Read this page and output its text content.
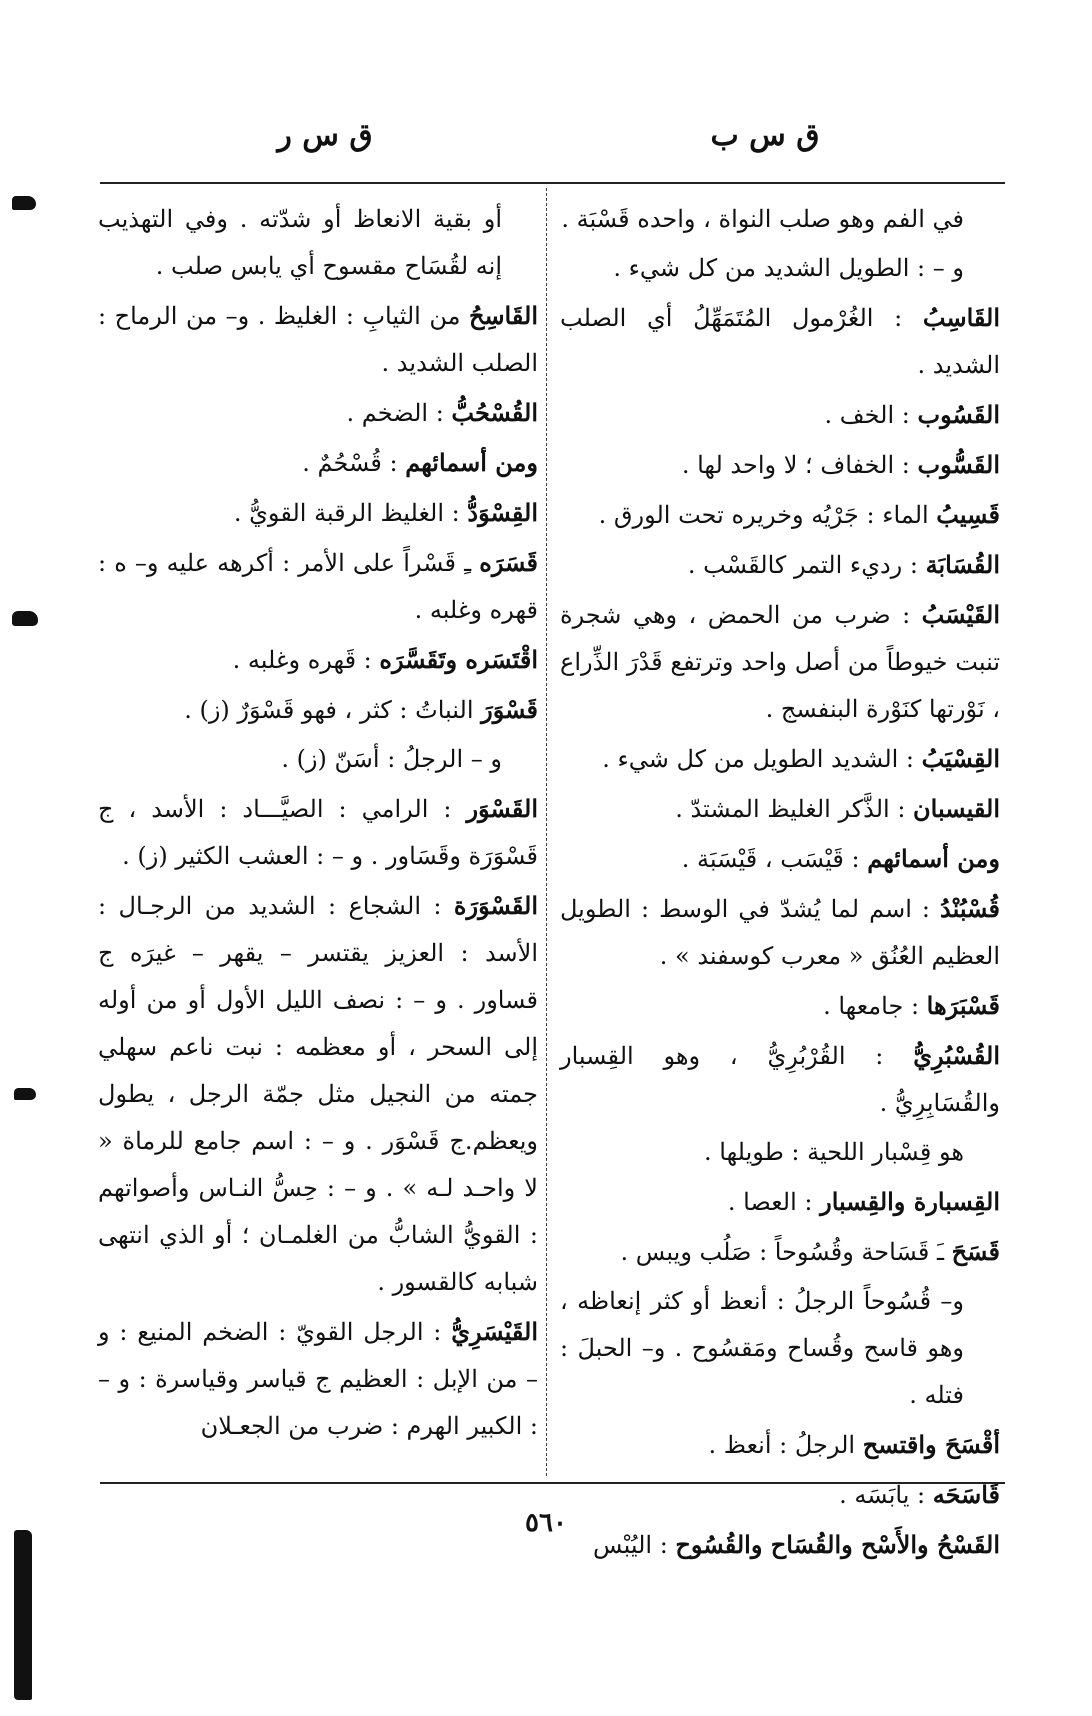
ق س ب
ق س ر

في الفم وهو صلب النواة ، واحده قَسْبَة .

و – : الطويل الشديد من كل شيء .

القَاسِبُ : الغُرْمول المُتَمَهِّلُ أي الصلب الشديد .

القَسُوب : الخف .

القَسُّوب : الخفاف ؛ لا واحد لها .

قَسِيبُ الماء : جَرْيُه وخريره تحت الورق .

القُسَابَة : رديء التمر كالقَسْب .

القَيْسَبُ : ضرب من الحمض ، وهي شجرة تنبت خيوطاً من أصل واحد وترتفع قَدْرَ الذِّراع ، نَوْرتها كنَوْرة البنفسج .

القِسْيَبُ : الشديد الطويل من كل شيء .

القيسبان : الذَّكر الغليظ المشتدّ .

ومن أسمائهم : قَيْسَب ، قَيْسَبَة .

قُسْبُنْدُ : اسم لما يُشدّ في الوسط : الطويل العظيم العُنُق « معرب كوسفند » .

قَسْبَرَها : جامعها .

القُسْبُرِيُّ : القُرْبُرِيُّ ، وهو القِسبار والقُسَابِرِيُّ .

هو قِسْبار اللحية : طويلها .

القِسبارة والقِسبار : العصا .

قَسَحَ ـَ قَسَاحة وقُسُوحاً : صَلُب ويبس .

و– قُسُوحاً الرجلُ : أنعظ أو كثر إنعاظه ، وهو قاسح وقُساح ومَقسُوح . و– الحبلَ : فتله .

أقْسَحَ واقتسح الرجلُ : أنعظ .

قَاسَحَه : يابَسَه .

القَسْحُ والأَسْح والقُسَاح والقُسُوح : اليُبْس

أو بقية الانعاظ أو شدّته . وفي التهذيب إنه لقُسَاح مقسوح أي يابس صلب .

القَاسِحُ من الثيابِ : الغليظ . و– من الرماح : الصلب الشديد .

القُسْحُبُّ : الضخم .

ومن أسمائهم : قُسْحُمٌ .

القِسْوَدُّ : الغليظ الرقبة القويُّ .

قَسَرَه ـِ قَسْراً على الأمر : أكرهه عليه و– ه : قهره وغلبه .

اقْتَسَره وتَقَسَّرَه : قَهره وغلبه .

قَسْوَرَ النباتُ : كثر ، فهو قَسْوَرٌ (ز) .

و – الرجلُ : أسَنّ (ز) .

القَسْوَر : الرامي : الصيَّـــاد : الأسد ، ج قَسْوَرَة وقَسَاور . و – : العشب الكثير (ز) .

القَسْوَرَة : الشجاع : الشديد من الرجـال : الأسد : العزيز يقتسر – يقهر – غيرَه ج قساور . و – : نصف الليل الأول أو من أوله إلى السحر ، أو معظمه : نبت ناعم سهلي جمته من النجيل مثل جمّة الرجل ، يطول ويعظم.ج قَسْوَر . و – : اسم جامع للرماة « لا واحـد لـه » . و – : حِسُّ النـاس وأصواتهم : القويُّ الشابُّ من الغلمـان ؛ أو الذي انتهى شبابه كالقسور .

القَيْسَرِيُّ : الرجل القويّ : الضخم المنيع : و – من الإبل : العظيم ج قياسر وقياسرة : و – : الكبير الهرم : ضرب من الجعـلان

٥٦٠
